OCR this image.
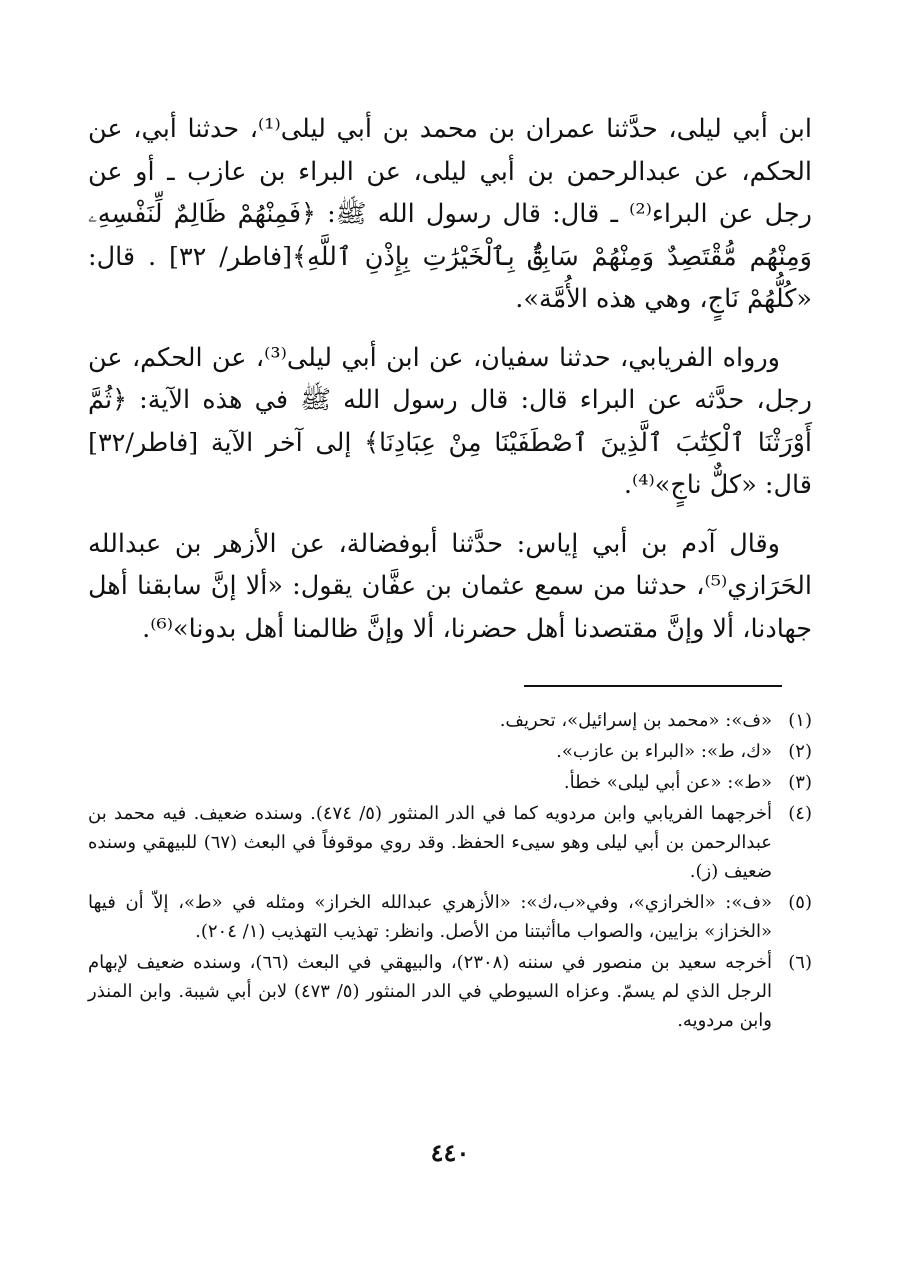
ابن أبي ليلى، حدَّثنا عمران بن محمد بن أبي ليلى⁽¹⁾، حدثنا أبي، عن الحكم، عن عبدالرحمن بن أبي ليلى، عن البراء بن عازب ـ أو عن رجل عن البراء⁽²⁾ ـ قال: قال رسول الله ﷺ: ﴿فَمِنْهُمْ ظَالِمٌ لِّنَفْسِهِۦ وَمِنْهُم مُّقْتَصِدٌ وَمِنْهُمْ سَابِقٌۢ بِٱلْخَيْرَٰتِ بِإِذْنِ ٱللَّهِ﴾[فاطر/ ٣٢] . قال: «كُلُّهُمْ نَاجٍ، وهي هذه الأُمَّة».

ورواه الفريابي، حدثنا سفيان، عن ابن أبي ليلى⁽³⁾، عن الحكم، عن رجل، حدَّثه عن البراء قال: قال رسول الله ﷺ في هذه الآية: ﴿ثُمَّ أَوْرَثْنَا ٱلْكِتَٰبَ ٱلَّذِينَ ٱصْطَفَيْنَا مِنْ عِبَادِنَا﴾ إلى آخر الآية [فاطر/٣٢] قال: «كلٌّ ناجٍ»⁽⁴⁾.

وقال آدم بن أبي إياس: حدَّثنا أبوفضالة، عن الأزهر بن عبدالله الحَرَازي⁽⁵⁾، حدثنا من سمع عثمان بن عفَّان يقول: «ألا إنَّ سابقنا أهل جهادنا، ألا وإنَّ مقتصدنا أهل حضرنا، ألا وإنَّ ظالمنا أهل بدونا»⁽⁶⁾.

(١)
«ف»: «محمد بن إسرائيل»، تحريف.
(٢)
«ك، ط»: «البراء بن عازب».
(٣)
«ط»: «عن أبي ليلى» خطأ.
(٤)
أخرجهما الفريابي وابن مردويه كما في الدر المنثور (٥/ ٤٧٤). وسنده ضعيف. فيه محمد بن عبدالرحمن بن أبي ليلى وهو سيىء الحفظ. وقد روي موقوفاً في البعث (٦٧) للبيهقي وسنده ضعيف (ز).
(٥)
«ف»: «الخرازي»، وفي«ب،ك»: «الأزهري عبدالله الخراز» ومثله في «ط»، إلاّ أن فيها «الخزاز» بزايين، والصواب ماأثبتنا من الأصل. وانظر: تهذيب التهذيب (١/ ٢٠٤).
(٦)
أخرجه سعيد بن منصور في سننه (٢٣٠٨)، والبيهقي في البعث (٦٦)، وسنده ضعيف لإبهام الرجل الذي لم يسمّ. وعزاه السيوطي في الدر المنثور (٥/ ٤٧٣) لابن أبي شيبة. وابن المنذر وابن مردويه.
٤٤٠
